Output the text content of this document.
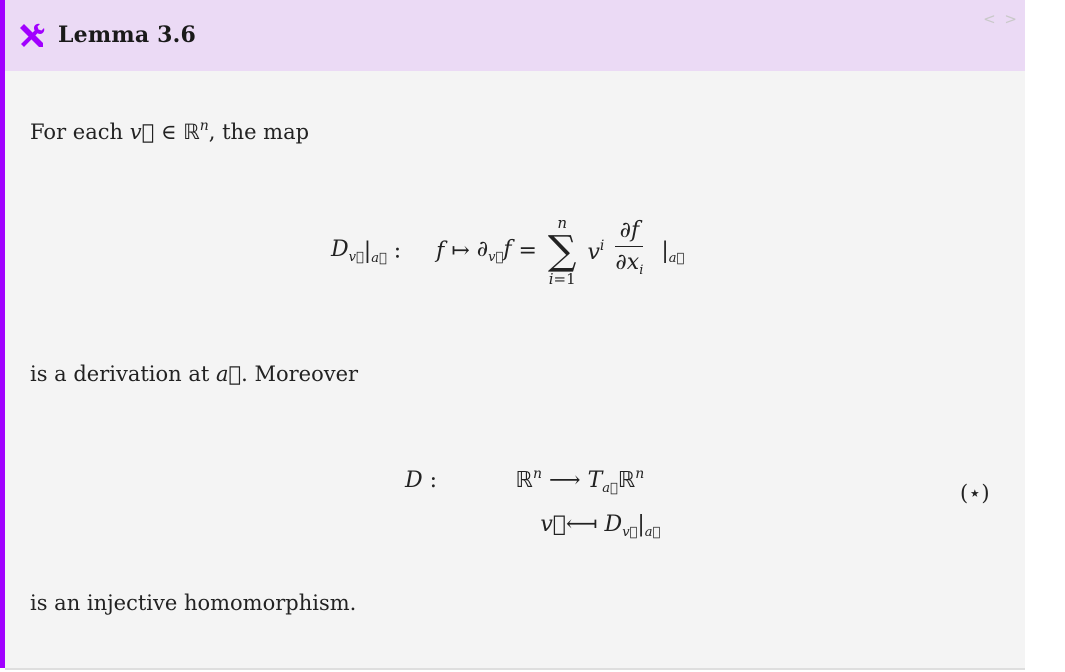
Lemma 3.6
< >
For each v⃗ ∈ ℝ$^n$, the map
$D_{v⃗}|_{a⃗}$ :     f ↦ $\partial_{v⃗}f$ =
n
∑
i=1
$v^i \frac{\partial f}{\partial x_i} |_{a⃗}$
is a derivation at a⃗. Moreover
D :     ℝ$^n$ ⟶ $T_{a⃗}ℝ^n$
v⃗⟻ $D_{v⃗}|_{a⃗}$
(⋆)
is an injective homomorphism.
